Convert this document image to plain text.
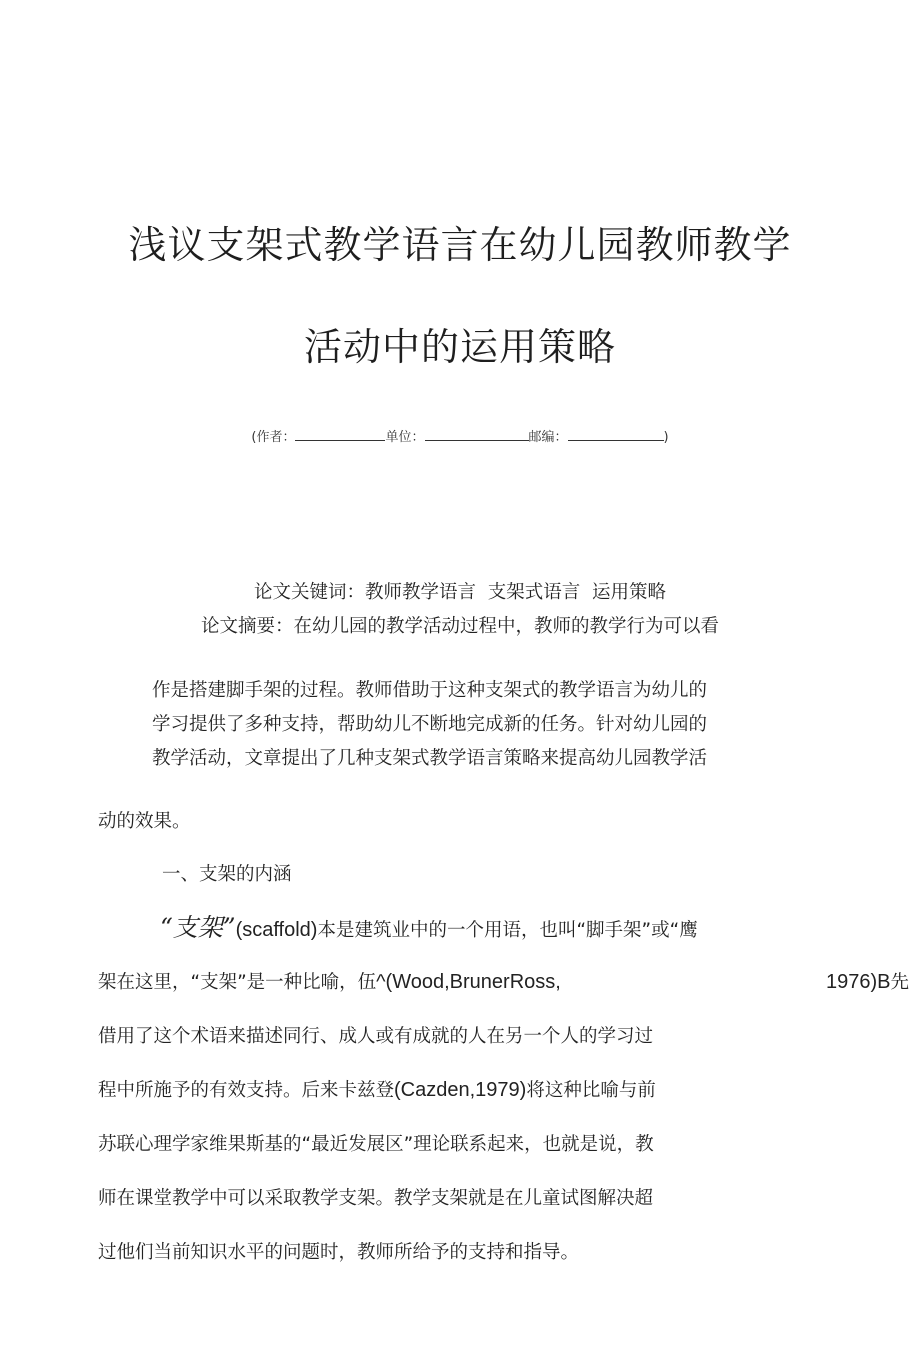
浅议支架式教学语言在幼儿园教师教学
活动中的运用策略
(作者：	单位：	邮编：	)

论文关键词：教师教学语言 支架式语言 运用策略

论文摘要：在幼儿园的教学活动过程中，教师的教学行为可以看

作是搭建脚手架的过程。教师借助于这种支架式的教学语言为幼儿的

学习提供了多种支持，帮助幼儿不断地完成新的任务。针对幼儿园的

教学活动，文章提出了几种支架式教学语言策略来提高幼儿园教学活

动的效果。

一、支架的内涵

“支架”(scaffold)本是建筑业中的一个用语，也叫“脚手架”或“鹰

架在这里，“支架”是一种比喻，伍^(Wood,BrunerRoss,	1976)B先

借用了这个术语来描述同行、成人或有成就的人在另一个人的学习过

程中所施予的有效支持。后来卡兹登(Cazden,1979)将这种比喻与前

苏联心理学家维果斯基的“最近发展区”理论联系起来，也就是说，教

师在课堂教学中可以采取教学支架。教学支架就是在儿童试图解决超

过他们当前知识水平的问题时，教师所给予的支持和指导。
